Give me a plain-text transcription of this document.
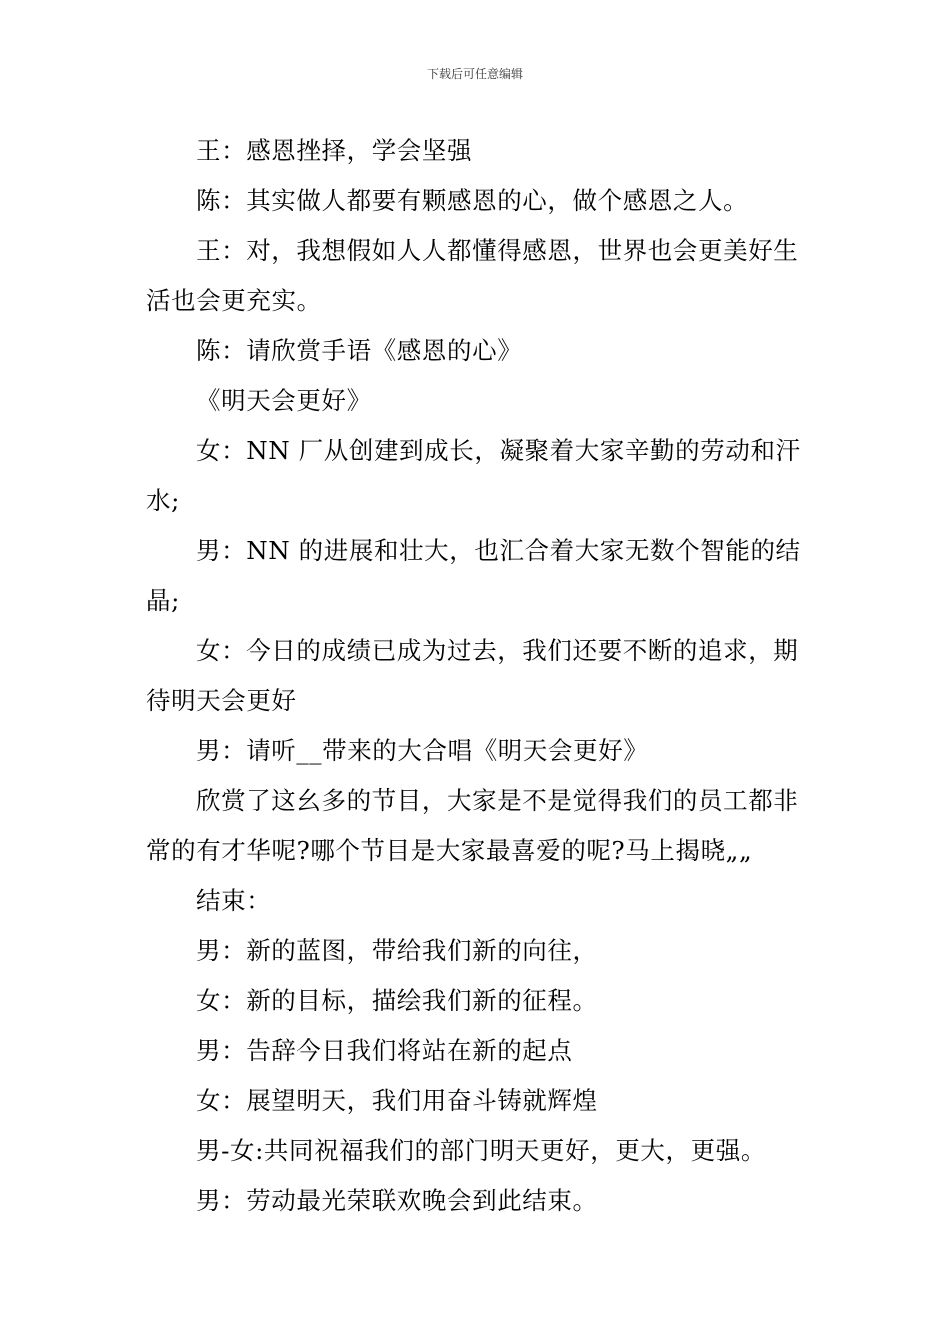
下载后可任意编辑

王：感恩挫择，学会坚强

陈：其实做人都要有颗感恩的心，做个感恩之人。

王：对，我想假如人人都懂得感恩，世界也会更美好生活也会更充实。

陈：请欣赏手语《感恩的心》

《明天会更好》

女：NN 厂从创建到成长，凝聚着大家辛勤的劳动和汗水;

男：NN 的进展和壮大，也汇合着大家无数个智能的结晶;

女：今日的成绩已成为过去，我们还要不断的追求，期待明天会更好

男：请听__带来的大合唱《明天会更好》

欣赏了这幺多的节目，大家是不是觉得我们的员工都非常的有才华呢?哪个节目是大家最喜爱的呢?马上揭晓„„

结束：

男：新的蓝图，带给我们新的向往，

女：新的目标，描绘我们新的征程。

男：告辞今日我们将站在新的起点

女：展望明天，我们用奋斗铸就辉煌

男-女:共同祝福我们的部门明天更好，更大，更强。

男：劳动最光荣联欢晚会到此结束。
